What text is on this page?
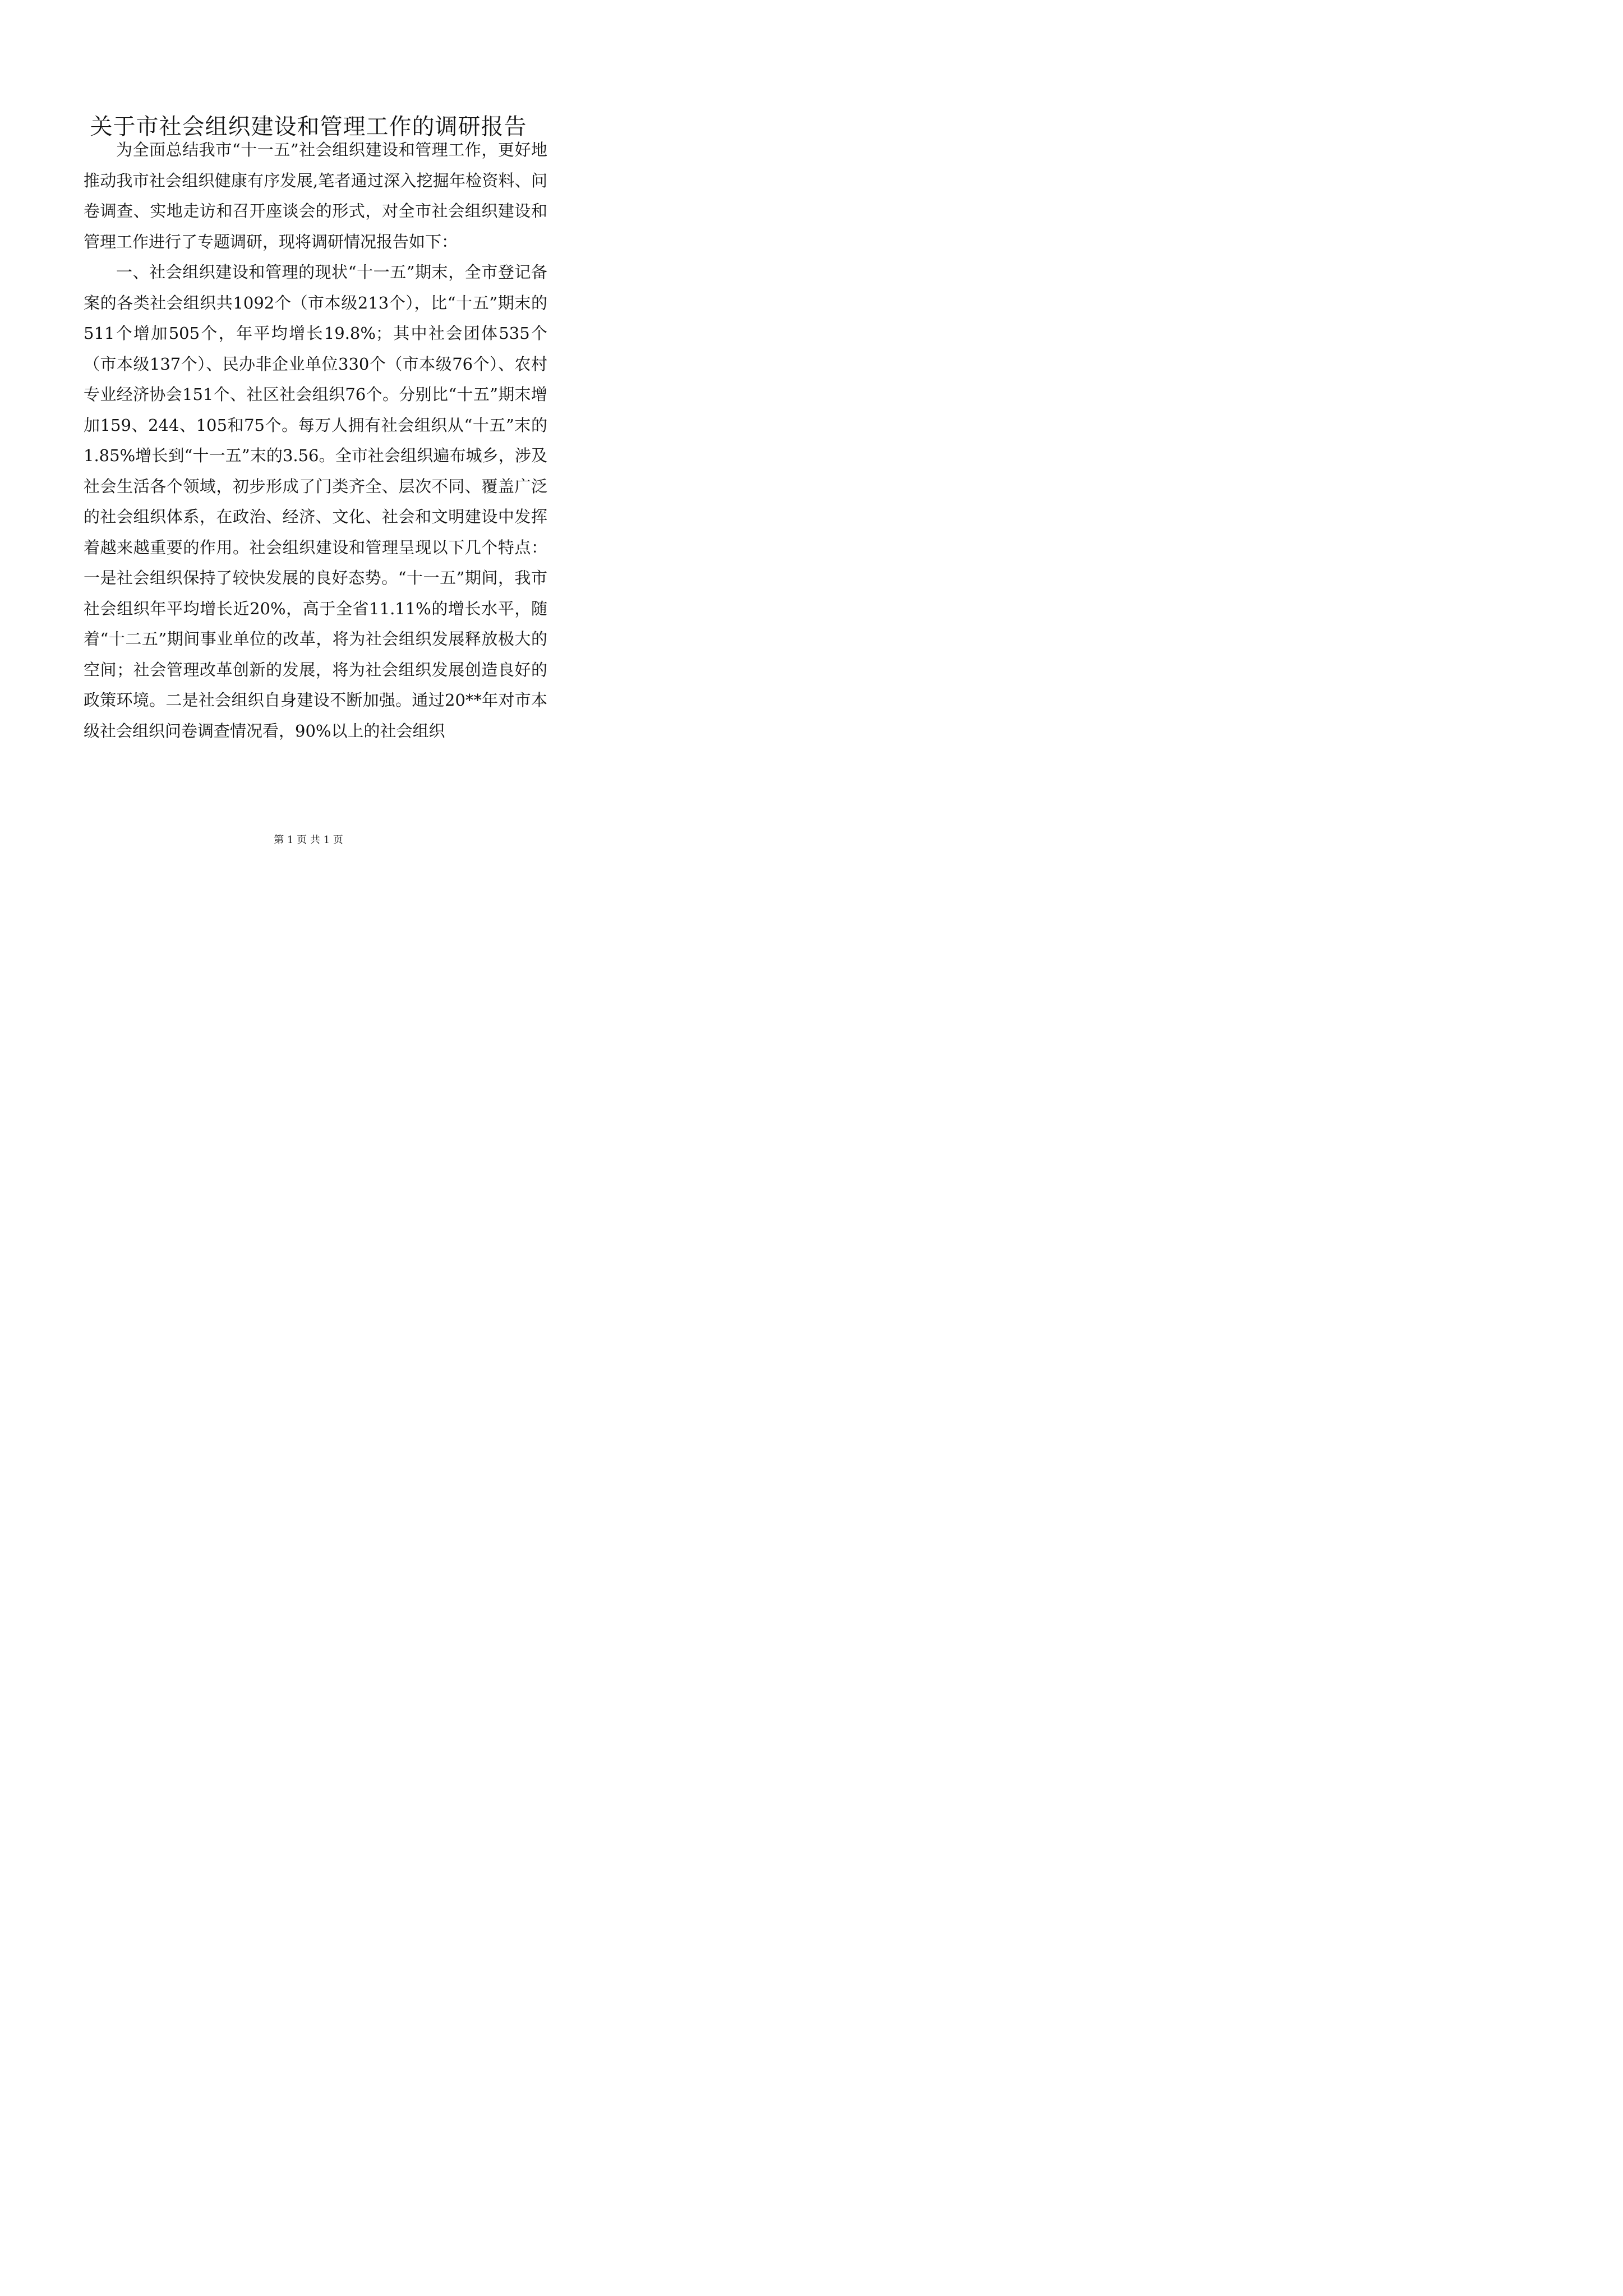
关于市社会组织建设和管理工作的调研报告

为全面总结我市“十一五”社会组织建设和管理工作，更好地推动我市社会组织健康有序发展,笔者通过深入挖掘年检资料、问卷调查、实地走访和召开座谈会的形式，对全市社会组织建设和管理工作进行了专题调研，现将调研情况报告如下：

一、社会组织建设和管理的现状“十一五”期末，全市登记备案的各类社会组织共1092个（市本级213个），比“十五”期末的511个增加505个，年平均增长19.8%；其中社会团体535个（市本级137个）、民办非企业单位330个（市本级76个）、农村专业经济协会151个、社区社会组织76个。分别比“十五”期末增加159、244、105和75个。每万人拥有社会组织从“十五”末的1.85%增长到“十一五”末的3.56。全市社会组织遍布城乡，涉及社会生活各个领域，初步形成了门类齐全、层次不同、覆盖广泛的社会组织体系，在政治、经济、文化、社会和文明建设中发挥着越来越重要的作用。社会组织建设和管理呈现以下几个特点：一是社会组织保持了较快发展的良好态势。“十一五”期间，我市社会组织年平均增长近20%，高于全省11.11%的增长水平，随着“十二五”期间事业单位的改革，将为社会组织发展释放极大的空间；社会管理改革创新的发展，将为社会组织发展创造良好的政策环境。二是社会组织自身建设不断加强。通过20**年对市本级社会组织问卷调查情况看，90%以上的社会组织

第 1 页 共 1 页
